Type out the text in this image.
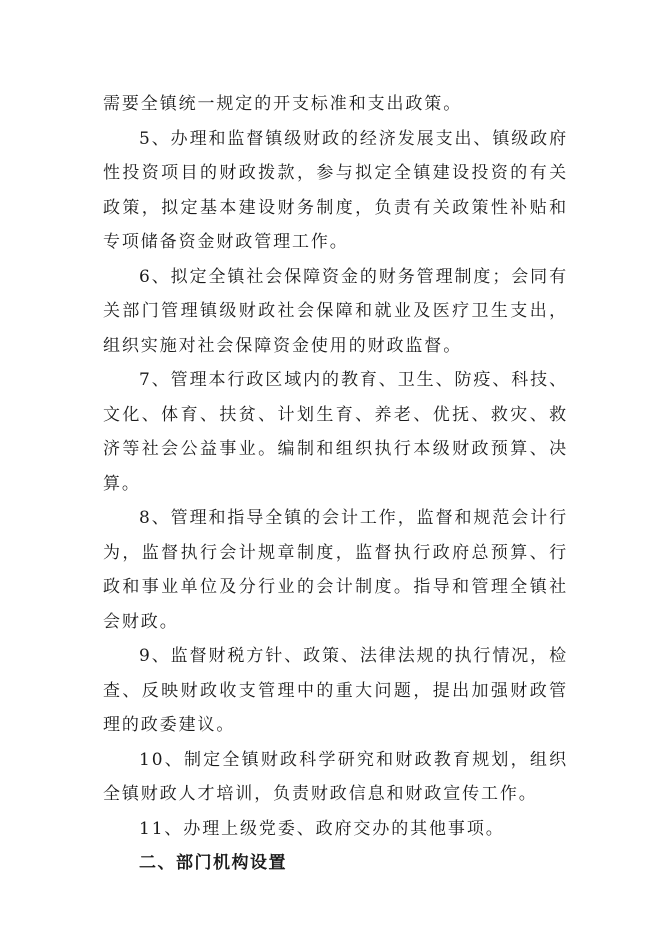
需要全镇统一规定的开支标准和支出政策。

5、办理和监督镇级财政的经济发展支出、镇级政府性投资项目的财政拨款，参与拟定全镇建设投资的有关政策，拟定基本建设财务制度，负责有关政策性补贴和专项储备资金财政管理工作。

6、拟定全镇社会保障资金的财务管理制度；会同有关部门管理镇级财政社会保障和就业及医疗卫生支出，组织实施对社会保障资金使用的财政监督。

7、管理本行政区域内的教育、卫生、防疫、科技、文化、体育、扶贫、计划生育、养老、优抚、救灾、救济等社会公益事业。编制和组织执行本级财政预算、决算。

8、管理和指导全镇的会计工作，监督和规范会计行为，监督执行会计规章制度，监督执行政府总预算、行政和事业单位及分行业的会计制度。指导和管理全镇社会财政。

9、监督财税方针、政策、法律法规的执行情况，检查、反映财政收支管理中的重大问题，提出加强财政管理的政委建议。

10、制定全镇财政科学研究和财政教育规划，组织全镇财政人才培训，负责财政信息和财政宣传工作。

11、办理上级党委、政府交办的其他事项。

二、部门机构设置
